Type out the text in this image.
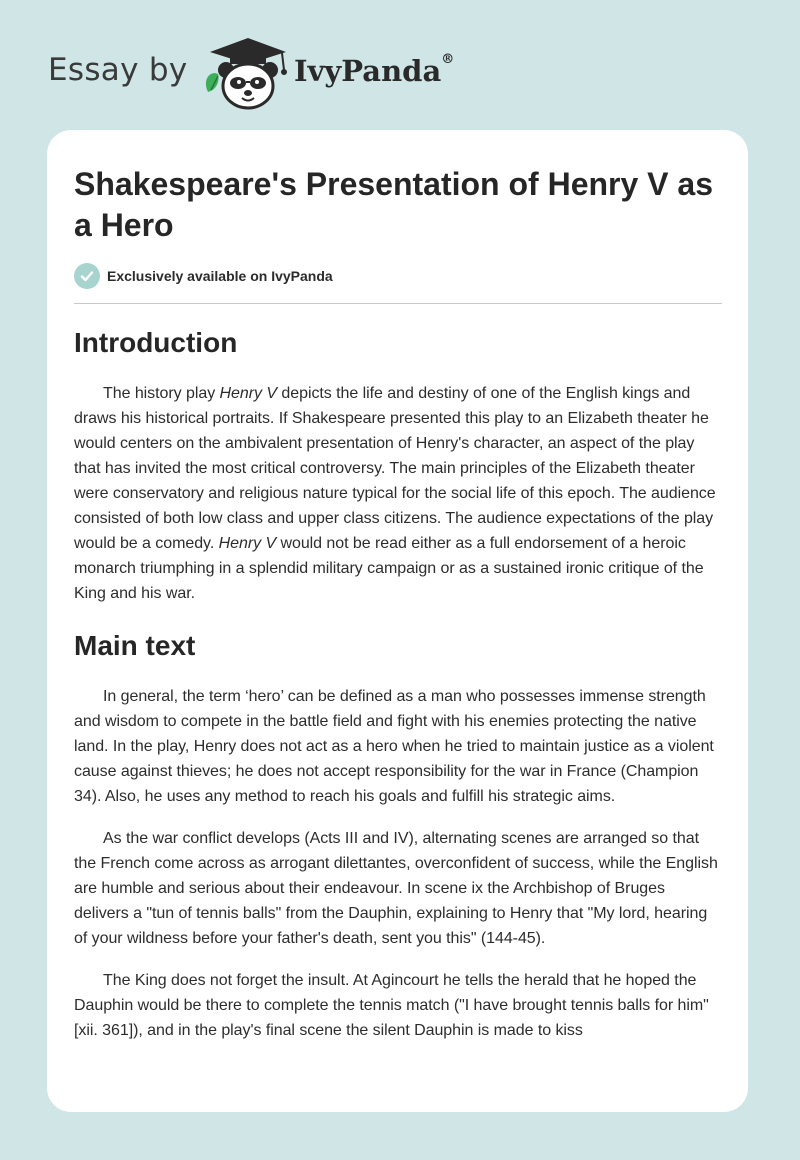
Essay by	IvyPanda®
Shakespeare's Presentation of Henry V as a Hero
Exclusively available on IvyPanda
Introduction

The history play Henry V depicts the life and destiny of one of the English kings and draws his historical portraits. If Shakespeare presented this play to an Elizabeth theater he would centers on the ambivalent presentation of Henry's character, an aspect of the play that has invited the most critical controversy. The main principles of the Elizabeth theater were conservatory and religious nature typical for the social life of this epoch. The audience consisted of both low class and upper class citizens. The audience expectations of the play would be a comedy. Henry V would not be read either as a full endorsement of a heroic monarch triumphing in a splendid military campaign or as a sustained ironic critique of the King and his war.

Main text

In general, the term ‘hero’ can be defined as a man who possesses immense strength and wisdom to compete in the battle field and fight with his enemies protecting the native land. In the play, Henry does not act as a hero when he tried to maintain justice as a violent cause against thieves; he does not accept responsibility for the war in France (Champion 34). Also, he uses any method to reach his goals and fulfill his strategic aims.

As the war conflict develops (Acts III and IV), alternating scenes are arranged so that the French come across as arrogant dilettantes, overconfident of success, while the English are humble and serious about their endeavour. In scene ix the Archbishop of Bruges delivers a "tun of tennis balls" from the Dauphin, explaining to Henry that "My lord, hearing of your wildness before your father's death, sent you this" (144-45).

The King does not forget the insult. At Agincourt he tells the herald that he hoped the Dauphin would be there to complete the tennis match ("I have brought tennis balls for him" [xii. 361]), and in the play's final scene the silent Dauphin is made to kiss
